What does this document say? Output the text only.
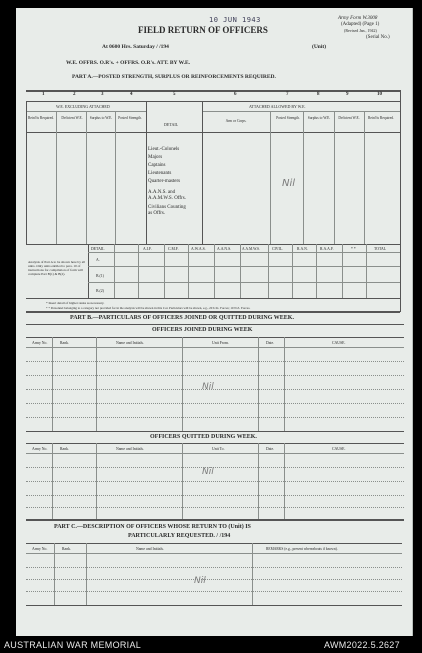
FIELD RETURN OF OFFICERS
Army Form W.3008
(Adapted) (Page 1)
(Revised Jan., 1942)
(Serial No.)
10 JUN 1943
At 0600 Hrs. Saturday / /194	(Unit)
W.E. OFFRS. O.R's. + OFFRS. O.R's. ATT. BY W.E.
PART A.—POSTED STRENGTH, SURPLUS OR REINFORCEMENTS REQUIRED.
1	2	3	4	5	6	7	8	9	10
W.E. EXCLUDING ATTACHED	ATTACHED ALLOWED BY W.E.
DETAIL
Rein'fts Required.	Deficient W.E.	Surplus to W.E.	Posted Strength.
Arm or Corps.
Posted Strength.	Surplus to W.E.	Deficient W.E.	Rein'fts Required.
Lieut.-Colonels
Majors
Captains
Lieutenants
Quarter-masters
A.A.N.S. and
A.A.M.W.S. Offrs.
Civilians Counting
as Offrs.
Nil
Analysis of Part A to be shown here by all units. Only units entitled to para. 10 of instructions for compilation of form will complete Part B(1) & B(2).
DETAIL	A.I.F.	C.M.F.	A.W.A.S.	A.A.N.S.	A.A.M.W.S.	CIVIL.	R.A.N.	R.A.A.F.	* *	TOTAL
A.
B.(1)
B.(2)
* Insert detail of higher ranks as necessary.
* * Personnel belonging to a category not provided for in the analysis will be shown in this Col. Particulars will be shown, e.g., 20 U.K. Forces; 10 N.Z. Forces.
PART B.—PARTICULARS OF OFFICERS JOINED OR QUITTED DURING WEEK.
OFFICERS JOINED DURING WEEK
Army No.	Rank.	Name and Initials.	Unit From.	Date.	CAUSE.
Nil
OFFICERS QUITTED DURING WEEK.
Army No.	Rank.	Name and Initials.	Unit To.	Date.	CAUSE.
Nil
PART C.—DESCRIPTION OF OFFICERS WHOSE RETURN TO (Unit) IS
PARTICULARLY REQUESTED. / /194
Army No.	Rank.	Name and Initials.	REMARKS (e.g., present whereabouts if known).
Nil
AUSTRALIAN WAR MEMORIAL	AWM2022.5.2627
